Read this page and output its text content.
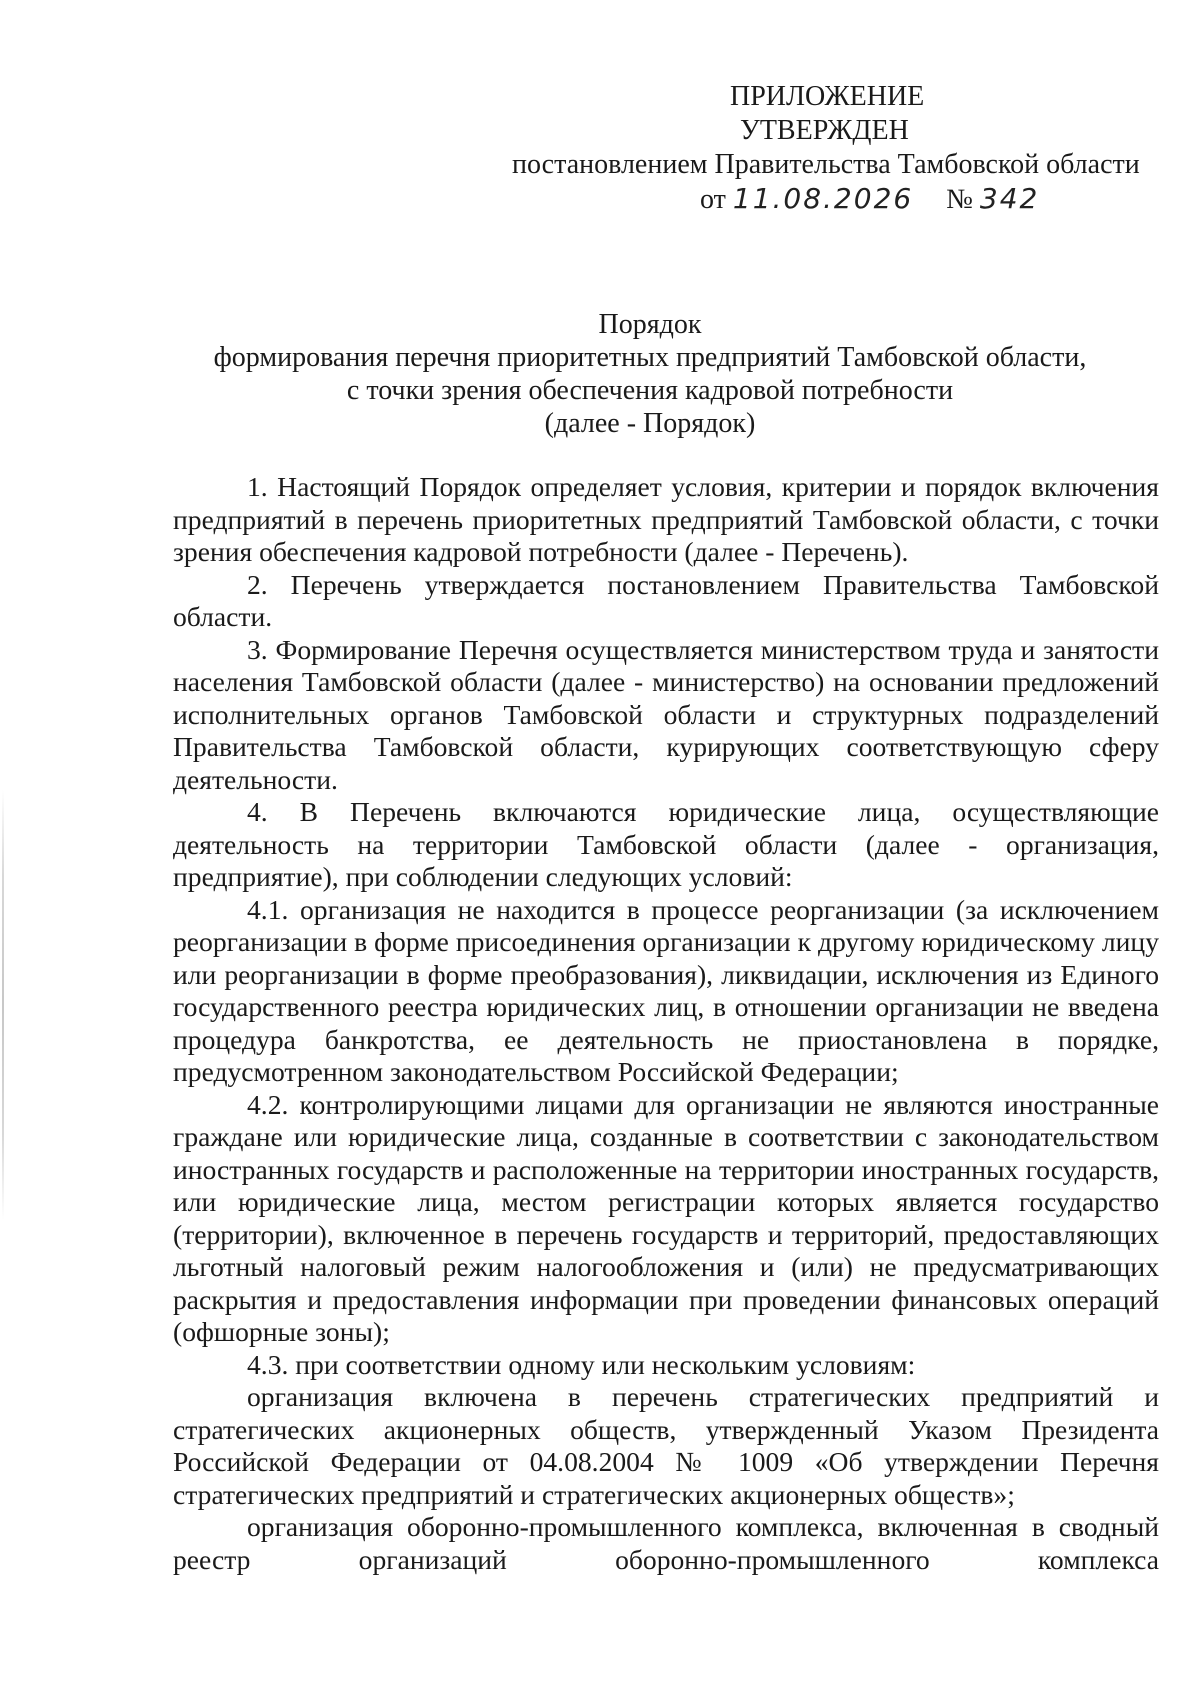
ПРИЛОЖЕНИЕ
УТВЕРЖДЕН
постановлением Правительства Тамбовской области
от 11.08.2026 № 342
Порядок
формирования перечня приоритетных предприятий Тамбовской области,
с точки зрения обеспечения кадровой потребности
(далее - Порядок)

1. Настоящий Порядок определяет условия, критерии и порядок включения предприятий в перечень приоритетных предприятий Тамбовской области, с точки зрения обеспечения кадровой потребности (далее - Перечень).

2. Перечень утверждается постановлением Правительства Тамбовской области.

3. Формирование Перечня осуществляется министерством труда и занятости населения Тамбовской области (далее - министерство) на основании предложений исполнительных органов Тамбовской области и структурных подразделений Правительства Тамбовской области, курирующих соответствующую сферу деятельности.

4. В Перечень включаются юридические лица, осуществляющие деятельность на территории Тамбовской области (далее - организация, предприятие), при соблюдении следующих условий:

4.1. организация не находится в процессе реорганизации (за исключением реорганизации в форме присоединения организации к другому юридическому лицу или реорганизации в форме преобразования), ликвидации, исключения из Единого государственного реестра юридических лиц, в отношении организации не введена процедура банкротства, ее деятельность не приостановлена в порядке, предусмотренном законодательством Российской Федерации;

4.2. контролирующими лицами для организации не являются иностранные граждане или юридические лица, созданные в соответствии с законодательством иностранных государств и расположенные на территории иностранных государств, или юридические лица, местом регистрации которых является государство (территории), включенное в перечень государств и территорий, предоставляющих льготный налоговый режим налогообложения и (или) не предусматривающих раскрытия и предоставления информации при проведении финансовых операций (офшорные зоны);

4.3. при соответствии одному или нескольким условиям:

организация включена в перечень стратегических предприятий и стратегических акционерных обществ, утвержденный Указом Президента Российской Федерации от 04.08.2004 № 1009 «Об утверждении Перечня стратегических предприятий и стратегических акционерных обществ»;

организация оборонно-промышленного комплекса, включенная в сводный реестр организаций оборонно-промышленного комплекса
